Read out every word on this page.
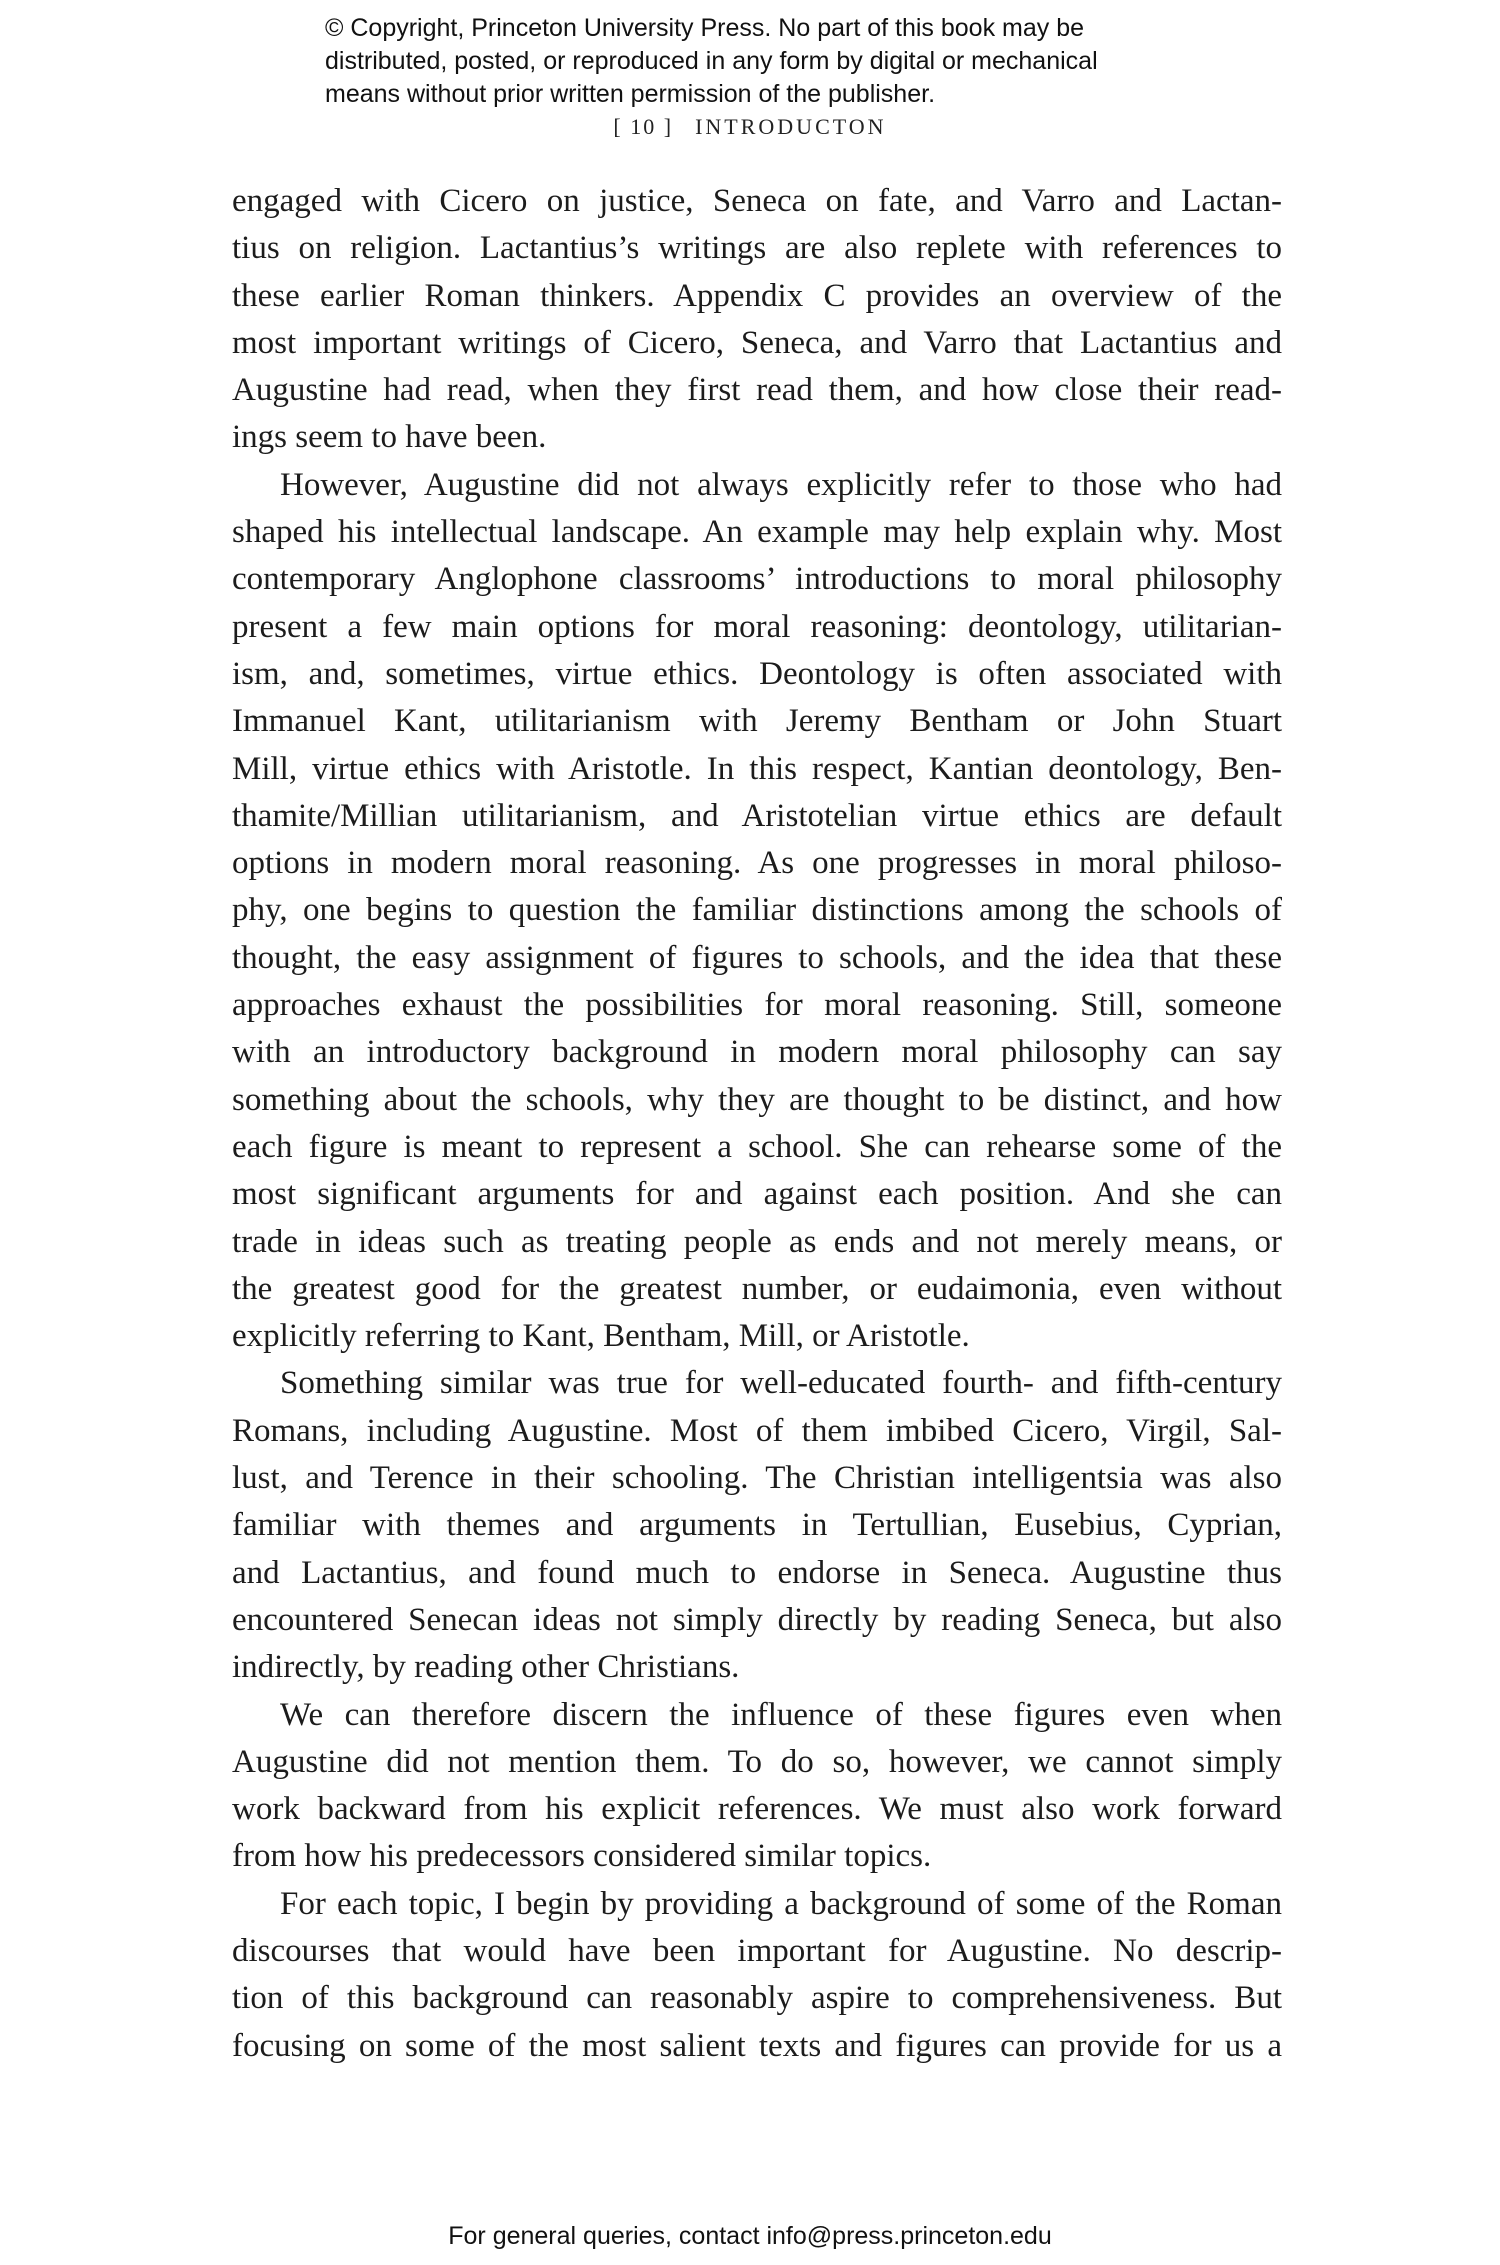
© Copyright, Princeton University Press. No part of this book may be
distributed, posted, or reproduced in any form by digital or mechanical
means without prior written permission of the publisher.
[ 10 ] INTRODUCTON
engaged with Cicero on justice, Seneca on fate, and Varro and Lactan-
tius on religion. Lactantius’s writings are also replete with references to
these earlier Roman thinkers. Appendix C provides an overview of the
most important writings of Cicero, Seneca, and Varro that Lactantius and
Augustine had read, when they first read them, and how close their read-
ings seem to have been.
However, Augustine did not always explicitly refer to those who had
shaped his intellectual landscape. An example may help explain why. Most
contemporary Anglophone classrooms’ introductions to moral philosophy
present a few main options for moral reasoning: deontology, utilitarian-
ism, and, sometimes, virtue ethics. Deontology is often associated with
Immanuel Kant, utilitarianism with Jeremy Bentham or John Stuart
Mill, virtue ethics with Aristotle. In this respect, Kantian deontology, Ben-
thamite/Millian utilitarianism, and Aristotelian virtue ethics are default
options in modern moral reasoning. As one progresses in moral philoso-
phy, one begins to question the familiar distinctions among the schools of
thought, the easy assignment of figures to schools, and the idea that these
approaches exhaust the possibilities for moral reasoning. Still, someone
with an introductory background in modern moral philosophy can say
something about the schools, why they are thought to be distinct, and how
each figure is meant to represent a school. She can rehearse some of the
most significant arguments for and against each position. And she can
trade in ideas such as treating people as ends and not merely means, or
the greatest good for the greatest number, or eudaimonia, even without
explicitly referring to Kant, Bentham, Mill, or Aristotle.
Something similar was true for well-educated fourth- and fifth-century
Romans, including Augustine. Most of them imbibed Cicero, Virgil, Sal-
lust, and Terence in their schooling. The Christian intelligentsia was also
familiar with themes and arguments in Tertullian, Eusebius, Cyprian,
and Lactantius, and found much to endorse in Seneca. Augustine thus
encountered Senecan ideas not simply directly by reading Seneca, but also
indirectly, by reading other Christians.
We can therefore discern the influence of these figures even when
Augustine did not mention them. To do so, however, we cannot simply
work backward from his explicit references. We must also work forward
from how his predecessors considered similar topics.
For each topic, I begin by providing a background of some of the Roman
discourses that would have been important for Augustine. No descrip-
tion of this background can reasonably aspire to comprehensiveness. But
focusing on some of the most salient texts and figures can provide for us a
For general queries, contact info@press.princeton.edu
